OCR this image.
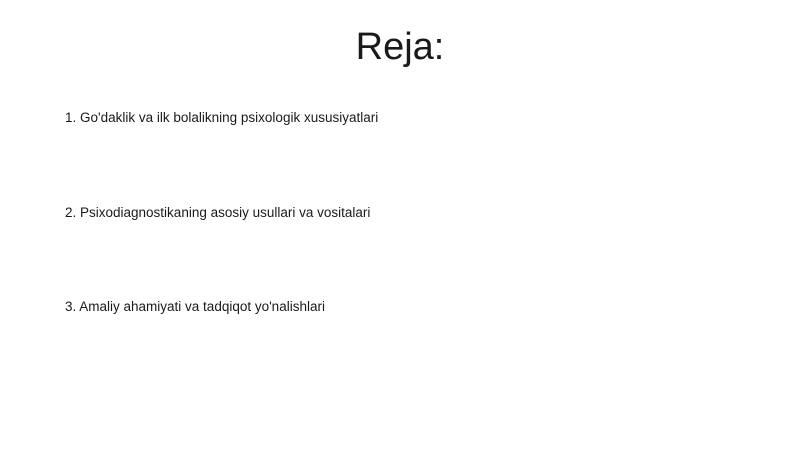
Reja:
1. Go'daklik va ilk bolalikning psixologik xususiyatlari
2. Psixodiagnostikaning asosiy usullari va vositalari
3. Amaliy ahamiyati va tadqiqot yo'nalishlari
